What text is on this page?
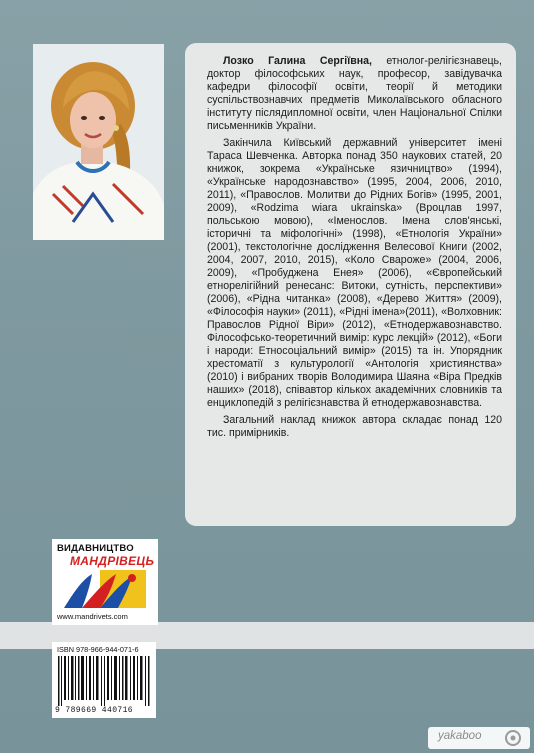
Лозко Галина Сергіївна, етнолог-релігієзнавець, доктор філософських наук, професор, завідувачка кафедри філософії освіти, теорії й методики суспільствознавчих предметів Миколаївського обласного інституту післядипломної освіти, член Національної Спілки письменників України.

Закінчила Київський державний університет імені Тараса Шевченка. Авторка понад 350 наукових статей, 20 книжок, зокрема «Українське язичництво» (1994), «Українське народознавство» (1995, 2004, 2006, 2010, 2011), «Правослов. Молитви до Рідних Богів» (1995, 2001, 2009), «Rodzima wiara ukrainska» (Вроцлав 1997, польською мовою), «Іменослов. Імена слов'янські, історичні та міфологічні» (1998), «Етнологія України» (2001), текстологічне дослідження Велесової Книги (2002, 2004, 2007, 2010, 2015), «Коло Сварожe» (2004, 2006, 2009), «Пробуджена Енея» (2006), «Європейський етнорелігійний ренесанс: Витоки, сутність, перспективи» (2006), «Рідна читанка» (2008), «Дерево Життя» (2009), «Філософія науки» (2011), «Рідні імена»(2011), «Волховник: Правослов Рідної Віри» (2012), «Етнодержавознавство. Філософсько-теоретичний вимір: курс лекцій» (2012), «Боги і народи: Етносоціальний вимір» (2015) та ін. Упорядник хрестоматії з культурології «Антологія християнства» (2010) і вибраних творів Володимира Шаяна «Віра Предків наших» (2018), співавтор кількох академічних словників та енциклопедій з релігієзнавства й етнодержавознавства.

Загальний наклад книжок автора складає понад 120 тис. примірників.

ВИДАВНИЦТВО
МАНДРІВЕЦЬ
www.mandrivets.com
ISBN 978-966-944-071-6
9 789669 440716
yakaboo
